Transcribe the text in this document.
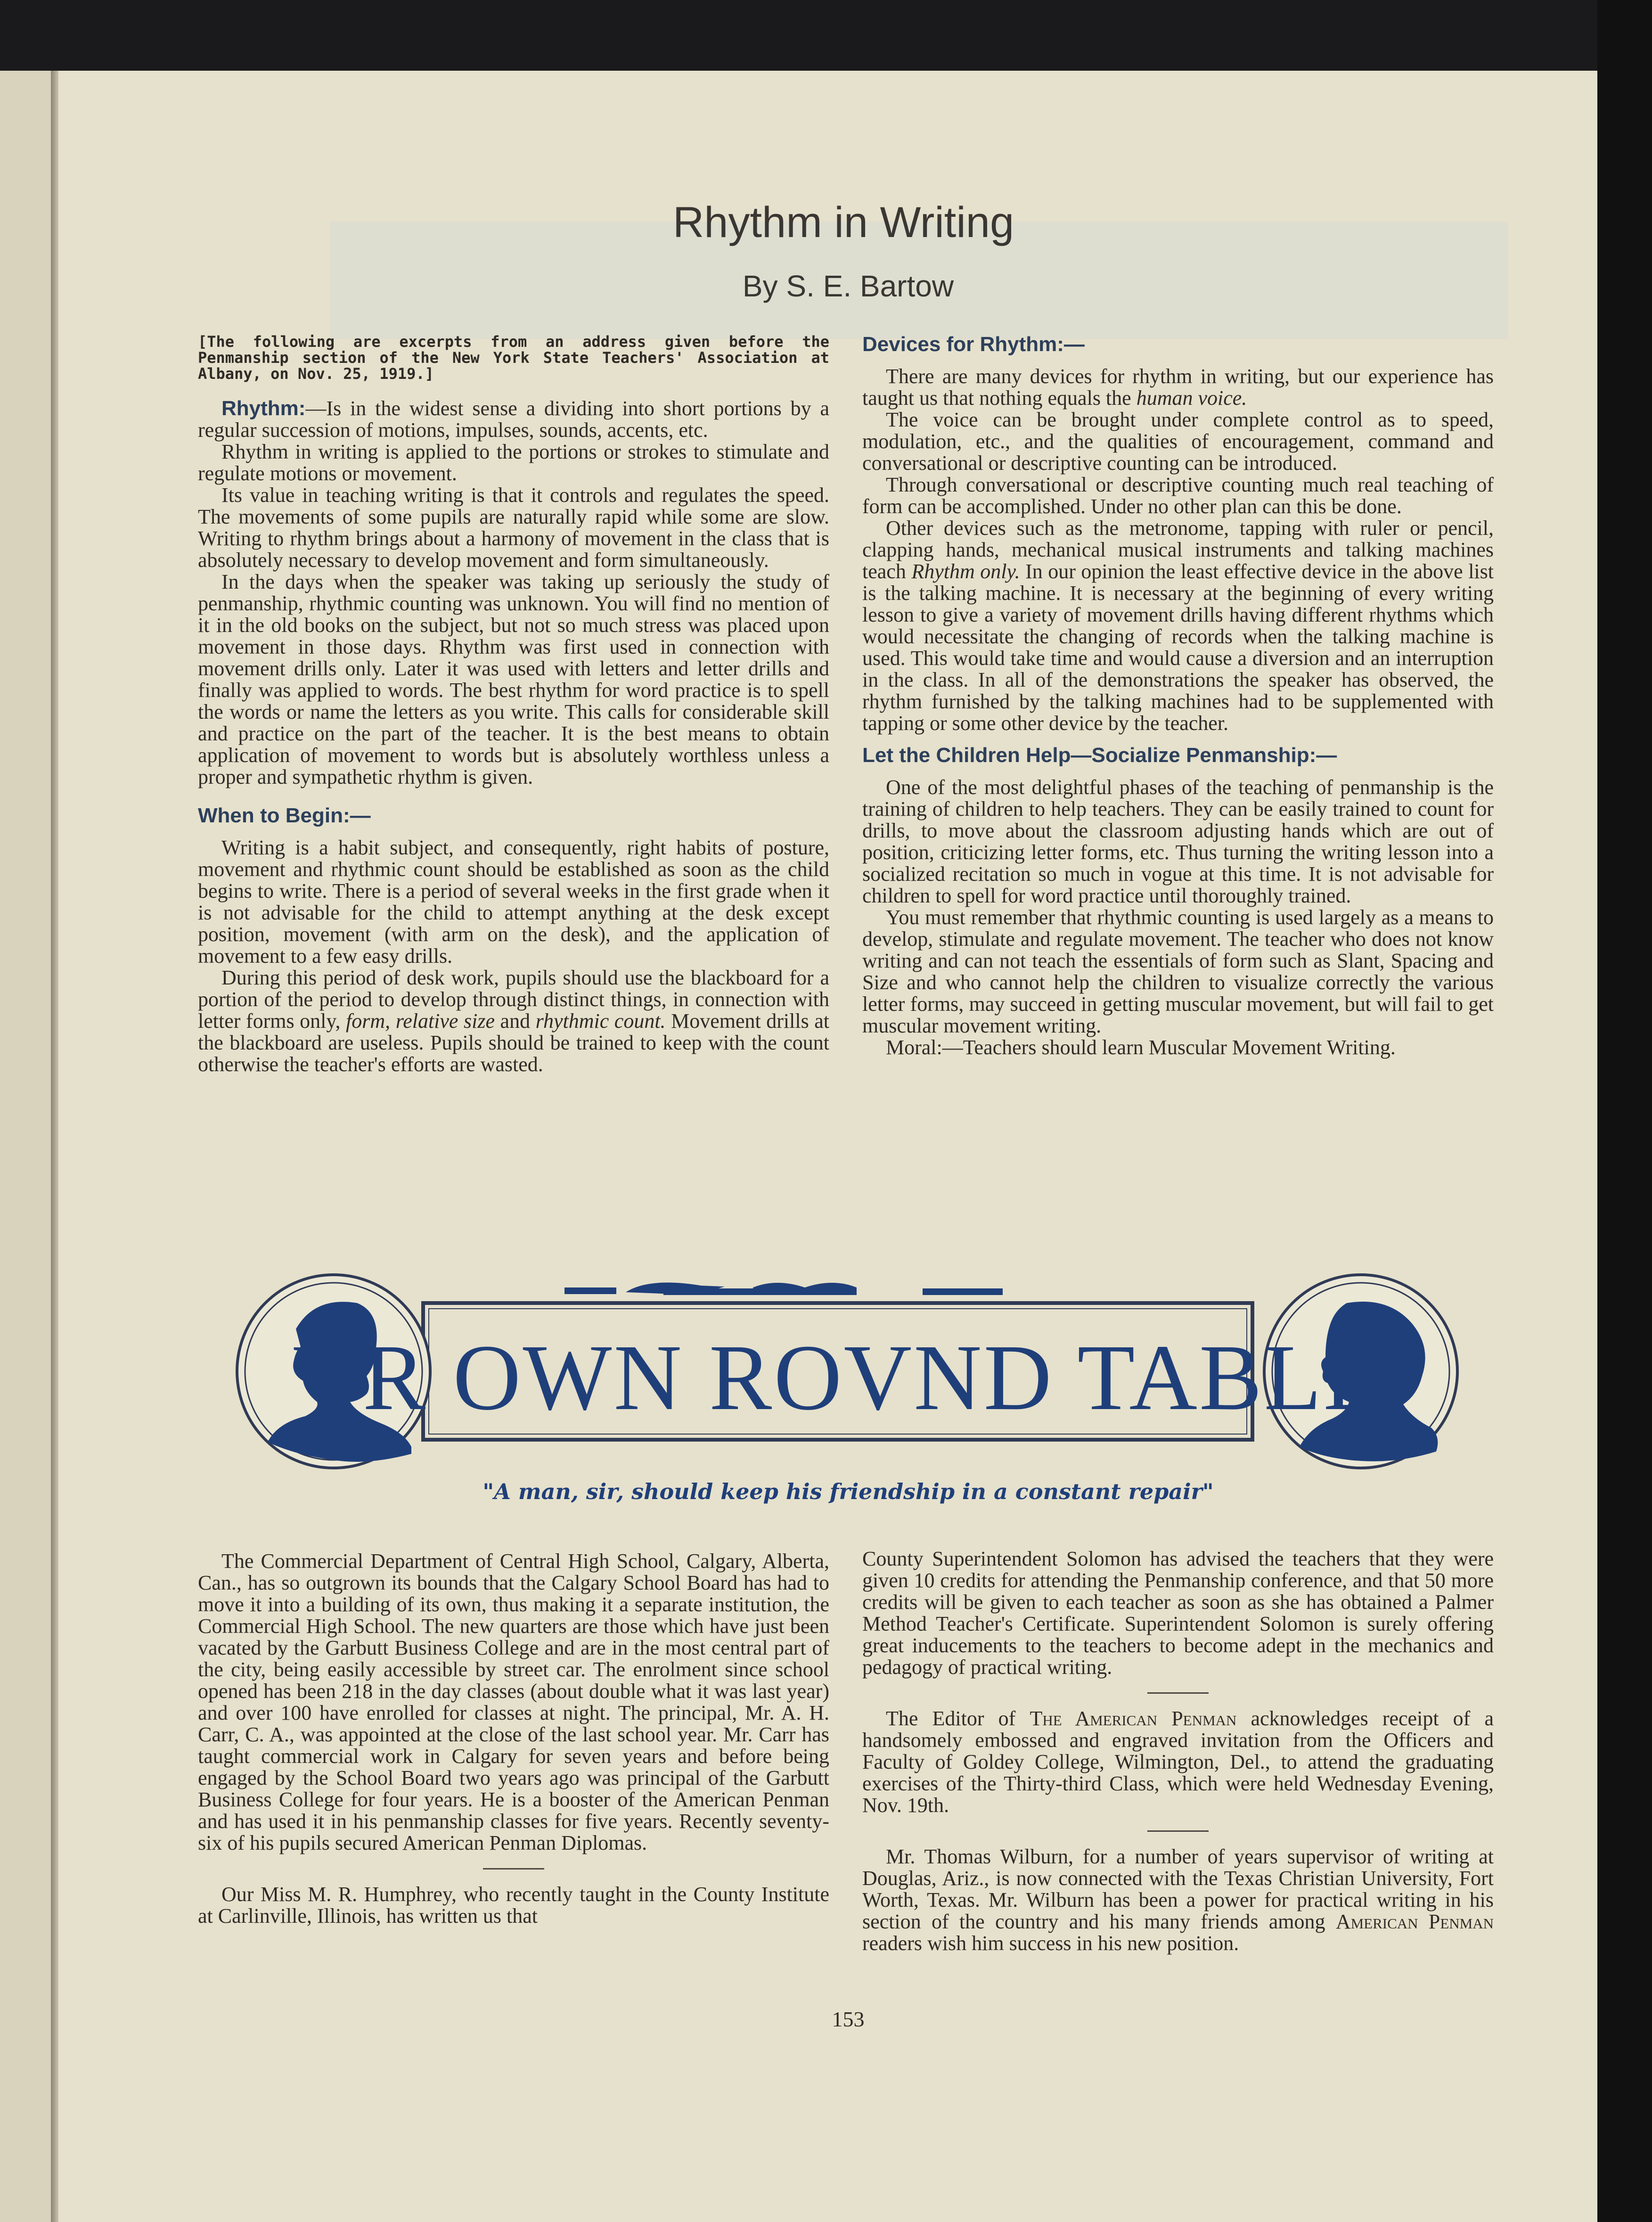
Rhythm in Writing
By S. E. Bartow

[The following are excerpts from an address given before the Penmanship section of the New York State Teachers' Association at Albany, on Nov. 25, 1919.]

Rhythm:—Is in the widest sense a dividing into short portions by a regular succession of motions, impulses, sounds, accents, etc.

Rhythm in writing is applied to the portions or strokes to stimulate and regulate motions or movement.

Its value in teaching writing is that it controls and regulates the speed. The movements of some pupils are naturally rapid while some are slow. Writing to rhythm brings about a harmony of movement in the class that is absolutely necessary to develop movement and form simultaneously.

In the days when the speaker was taking up seriously the study of penmanship, rhythmic counting was unknown. You will find no mention of it in the old books on the subject, but not so much stress was placed upon movement in those days. Rhythm was first used in connection with movement drills only. Later it was used with letters and letter drills and finally was applied to words. The best rhythm for word practice is to spell the words or name the letters as you write. This calls for considerable skill and practice on the part of the teacher. It is the best means to obtain application of movement to words but is absolutely worthless unless a proper and sympathetic rhythm is given.

When to Begin:—

Writing is a habit subject, and consequently, right habits of posture, movement and rhythmic count should be established as soon as the child begins to write. There is a period of several weeks in the first grade when it is not advisable for the child to attempt anything at the desk except position, movement (with arm on the desk), and the application of movement to a few easy drills.

During this period of desk work, pupils should use the blackboard for a portion of the period to develop through distinct things, in connection with letter forms only, form, relative size and rhythmic count. Movement drills at the blackboard are useless. Pupils should be trained to keep with the count otherwise the teacher's efforts are wasted.

Devices for Rhythm:—

There are many devices for rhythm in writing, but our experience has taught us that nothing equals the human voice.

The voice can be brought under complete control as to speed, modulation, etc., and the qualities of encouragement, command and conversational or descriptive counting can be introduced.

Through conversational or descriptive counting much real teaching of form can be accomplished. Under no other plan can this be done.

Other devices such as the metronome, tapping with ruler or pencil, clapping hands, mechanical musical instruments and talking machines teach Rhythm only. In our opinion the least effective device in the above list is the talking machine. It is necessary at the beginning of every writing lesson to give a variety of movement drills having different rhythms which would necessitate the changing of records when the talking machine is used. This would take time and would cause a diversion and an interruption in the class. In all of the demonstrations the speaker has observed, the rhythm furnished by the talking machines had to be supplemented with tapping or some other device by the teacher.

Let the Children Help—Socialize Penmanship:—

One of the most delightful phases of the teaching of penmanship is the training of children to help teachers. They can be easily trained to count for drills, to move about the classroom adjusting hands which are out of position, criticizing letter forms, etc. Thus turning the writing lesson into a socialized recitation so much in vogue at this time. It is not advisable for children to spell for word practice until thoroughly trained.

You must remember that rhythmic counting is used largely as a means to develop, stimulate and regulate movement. The teacher who does not know writing and can not teach the essentials of form such as Slant, Spacing and Size and who cannot help the children to visualize correctly the various letter forms, may succeed in getting muscular movement, but will fail to get muscular movement writing.

Moral:—Teachers should learn Muscular Movement Writing.

VR OWN ROVND TABLE
"A man, sir, should keep his friendship in a constant repair"

The Commercial Department of Central High School, Calgary, Alberta, Can., has so outgrown its bounds that the Calgary School Board has had to move it into a building of its own, thus making it a separate institution, the Commercial High School. The new quarters are those which have just been vacated by the Garbutt Business College and are in the most central part of the city, being easily accessible by street car. The enrolment since school opened has been 218 in the day classes (about double what it was last year) and over 100 have enrolled for classes at night. The principal, Mr. A. H. Carr, C. A., was appointed at the close of the last school year. Mr. Carr has taught commercial work in Calgary for seven years and before being engaged by the School Board two years ago was principal of the Garbutt Business College for four years. He is a booster of the American Penman and has used it in his penmanship classes for five years. Recently seventy-six of his pupils secured American Penman Diplomas.

Our Miss M. R. Humphrey, who recently taught in the County Institute at Carlinville, Illinois, has written us that

County Superintendent Solomon has advised the teachers that they were given 10 credits for attending the Penmanship conference, and that 50 more credits will be given to each teacher as soon as she has obtained a Palmer Method Teacher's Certificate. Superintendent Solomon is surely offering great inducements to the teachers to become adept in the mechanics and pedagogy of practical writing.

The Editor of The American Penman acknowledges receipt of a handsomely embossed and engraved invitation from the Officers and Faculty of Goldey College, Wilmington, Del., to attend the graduating exercises of the Thirty-third Class, which were held Wednesday Evening, Nov. 19th.

Mr. Thomas Wilburn, for a number of years supervisor of writing at Douglas, Ariz., is now connected with the Texas Christian University, Fort Worth, Texas. Mr. Wilburn has been a power for practical writing in his section of the country and his many friends among American Penman readers wish him success in his new position.

153
